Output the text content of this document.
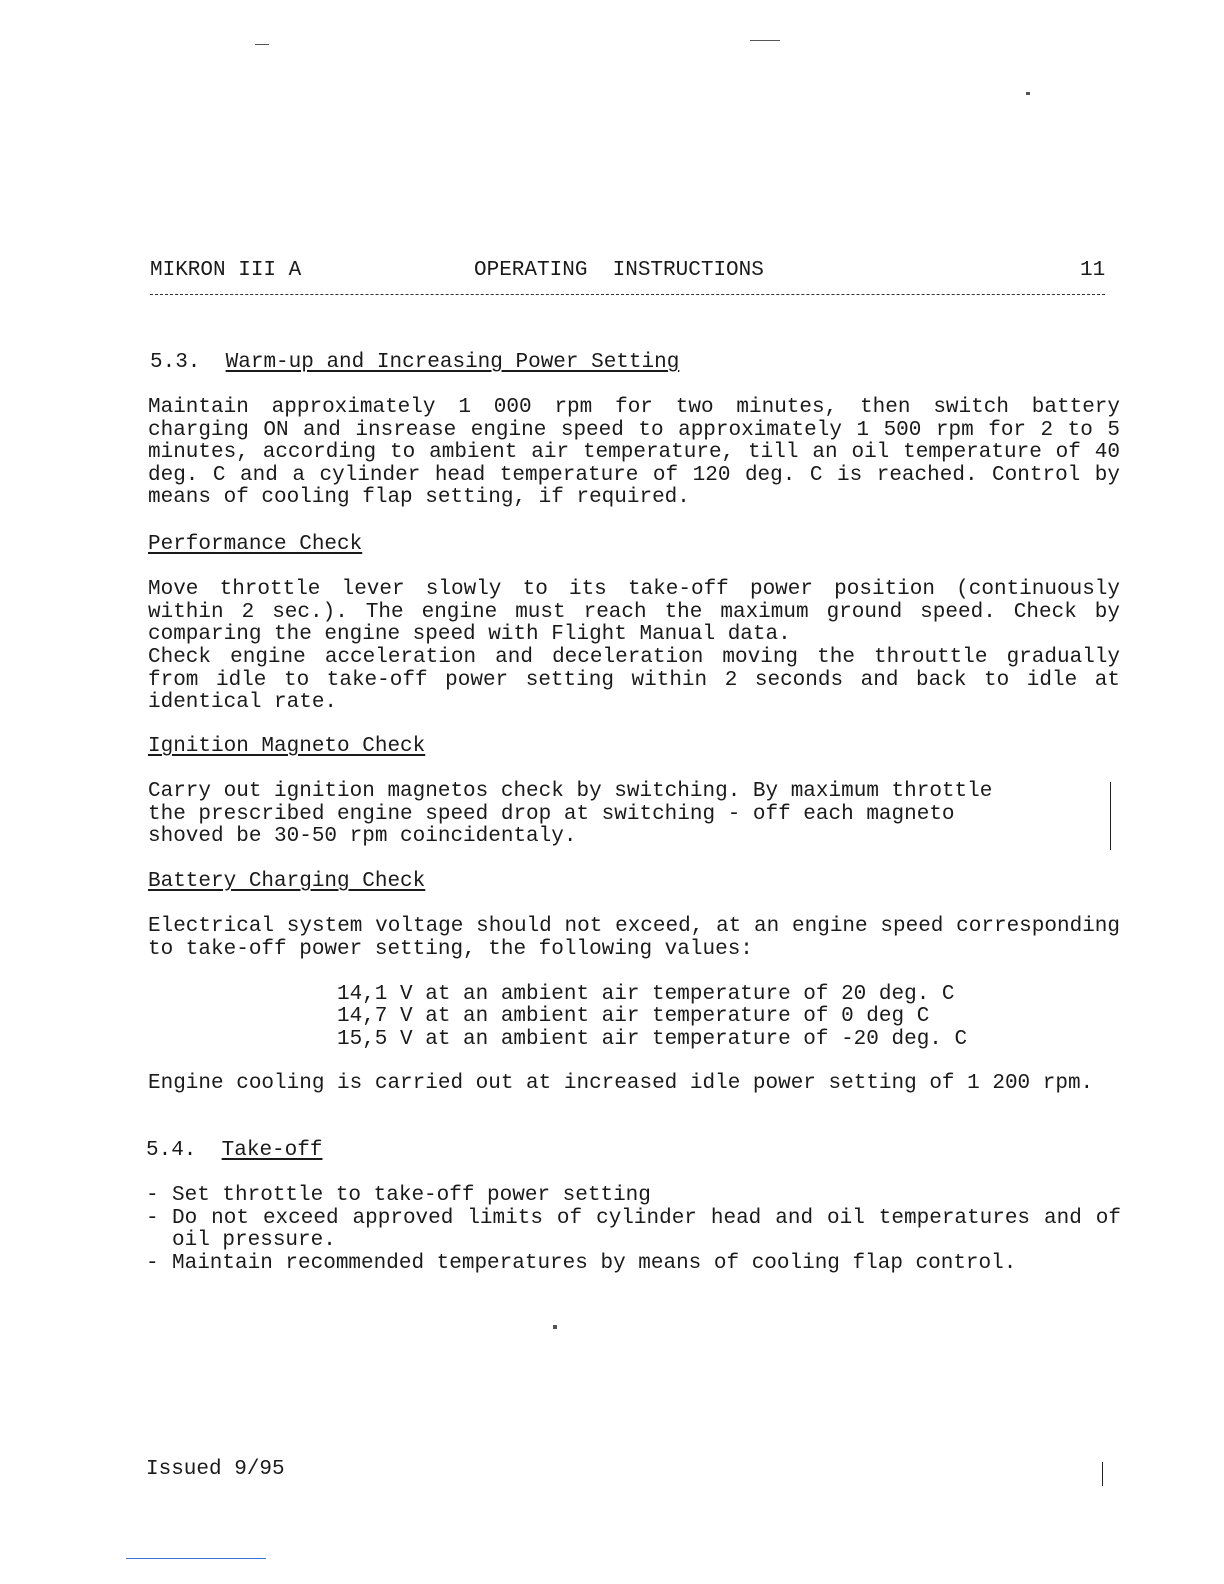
MIKRON III A	OPERATING  INSTRUCTIONS	11
5.3. Warm-up and Increasing Power Setting
Maintain approximately 1 000 rpm for two minutes, then switch battery charging ON and insrease engine speed to approximately 1 500 rpm for 2 to 5 minutes, according to ambient air temperature, till an oil temperature of 40 deg. C and a cylinder head temperature of 120 deg. C is reached. Control by means of cooling flap setting, if required.
Performance Check
Move throttle lever slowly to its take-off power position (continuously within 2 sec.). The engine must reach the maximum ground speed. Check by comparing the engine speed with Flight Manual data.
Check engine acceleration and deceleration moving the throuttle gradually from idle to take-off power setting within 2 seconds and back to idle at identical rate.
Ignition Magneto Check
Carry out ignition magnetos check by switching. By maximum throttle
the prescribed engine speed drop at switching - off each magneto
shoved be 30-50 rpm coincidentaly.
Battery Charging Check
Electrical system voltage should not exceed, at an engine speed corresponding to take-off power setting, the following values:
14,1 V at an ambient air temperature of 20 deg. C
14,7 V at an ambient air temperature of 0 deg C
15,5 V at an ambient air temperature of -20 deg. C
Engine cooling is carried out at increased idle power setting of 1 200 rpm.
5.4. Take-off
- Set throttle to take-off power setting
- Do not exceed approved limits of cylinder head and oil temperatures and of oil pressure.
- Maintain recommended temperatures by means of cooling flap control.
Issued 9/95
